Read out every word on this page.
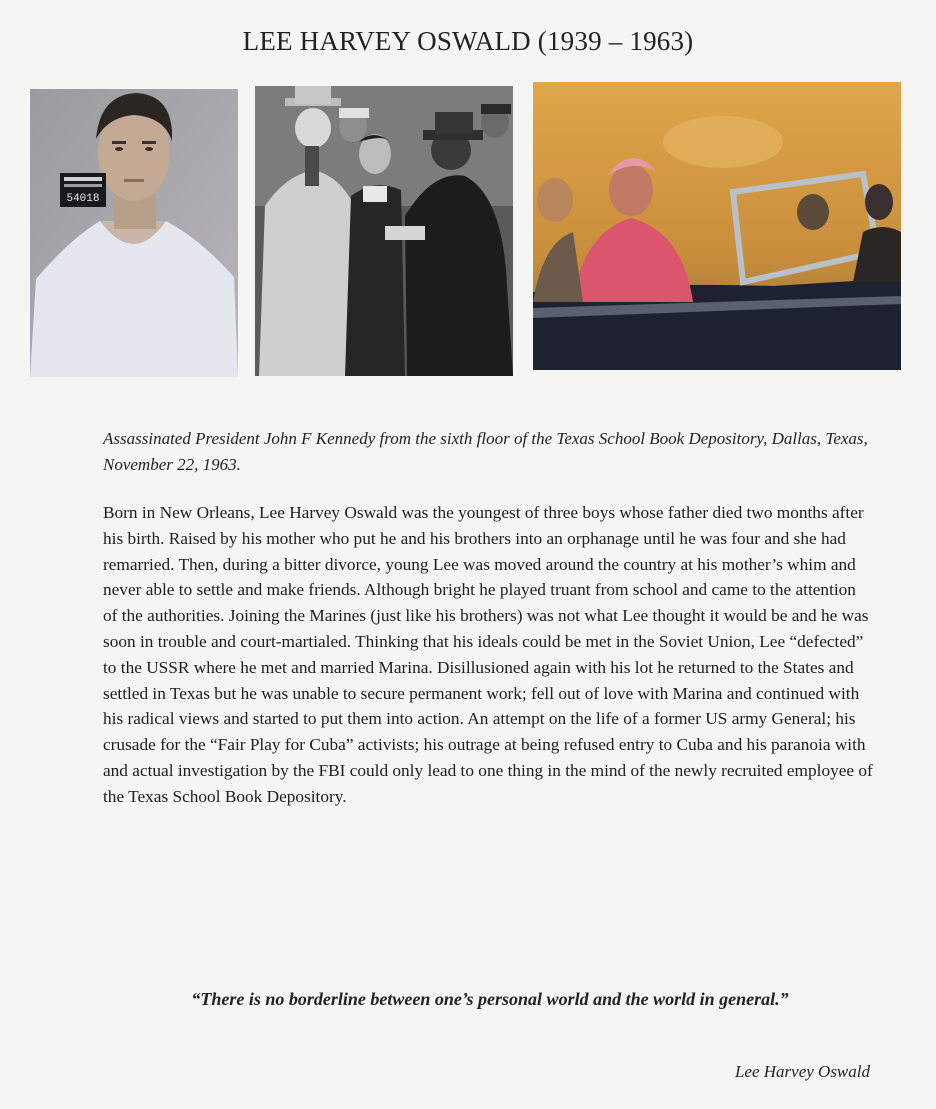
LEE HARVEY OSWALD (1939 – 1963)
54018
Assassinated President John F Kennedy from the sixth floor of the Texas School Book Depository, Dallas, Texas, November 22, 1963.
Born in New Orleans, Lee Harvey Oswald was the youngest of three boys whose father died two months after his birth. Raised by his mother who put he and his brothers into an orphanage until he was four and she had remarried. Then, during a bitter divorce, young Lee was moved around the country at his mother’s whim and never able to settle and make friends. Although bright he played truant from school and came to the attention of the authorities. Joining the Marines (just like his brothers) was not what Lee thought it would be and he was soon in trouble and court-martialed. Thinking that his ideals could be met in the Soviet Union, Lee “defected” to the USSR where he met and married Marina. Disillusioned again with his lot he returned to the States and settled in Texas but he was unable to secure permanent work; fell out of love with Marina and continued with his radical views and started to put them into action. An attempt on the life of a former US army General; his crusade for the “Fair Play for Cuba” activists; his outrage at being refused entry to Cuba and his paranoia with and actual investigation by the FBI could only lead to one thing in the mind of the newly recruited employee of the Texas School Book Depository.
“There is no borderline between one’s personal world and the world in general.”
Lee Harvey Oswald
